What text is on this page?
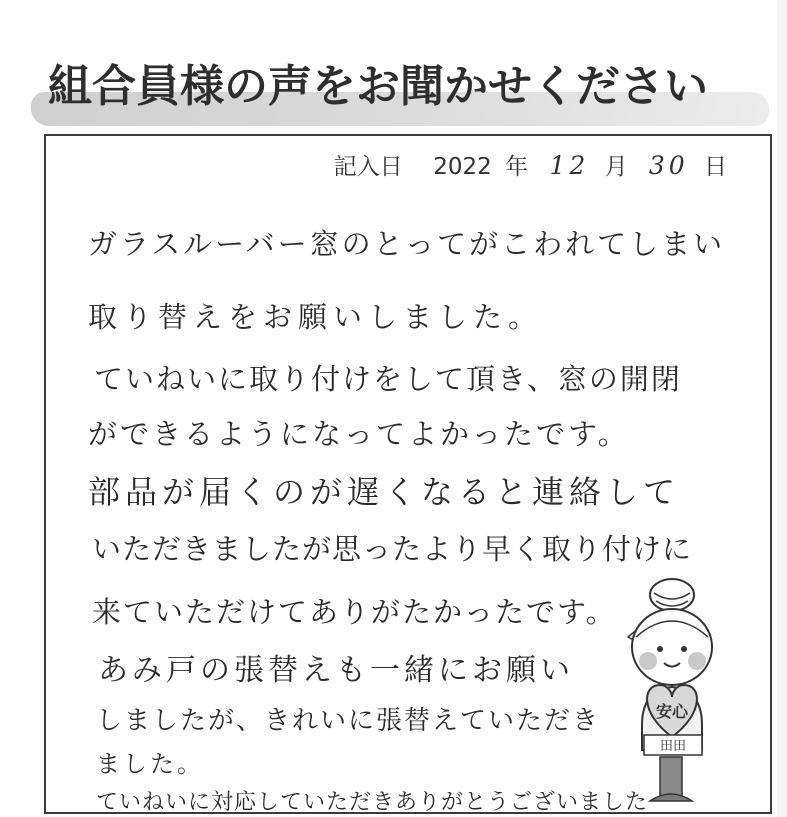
組合員様の声をお聞かせください
記入日 2022 年 12 月 30 日
ガラスルーバー窓のとってがこわれてしまい
取り替えをお願いしました。
ていねいに取り付けをして頂き、窓の開閉
ができるようになってよかったです。
部品が届くのが遅くなると連絡して
いただきましたが思ったより早く取り付けに
来ていただけてありがたかったです。
あみ戸の張替えも一緒にお願い
しましたが、きれいに張替えていただき
ました。
ていねいに対応していただきありがとうございました
安心
田田
